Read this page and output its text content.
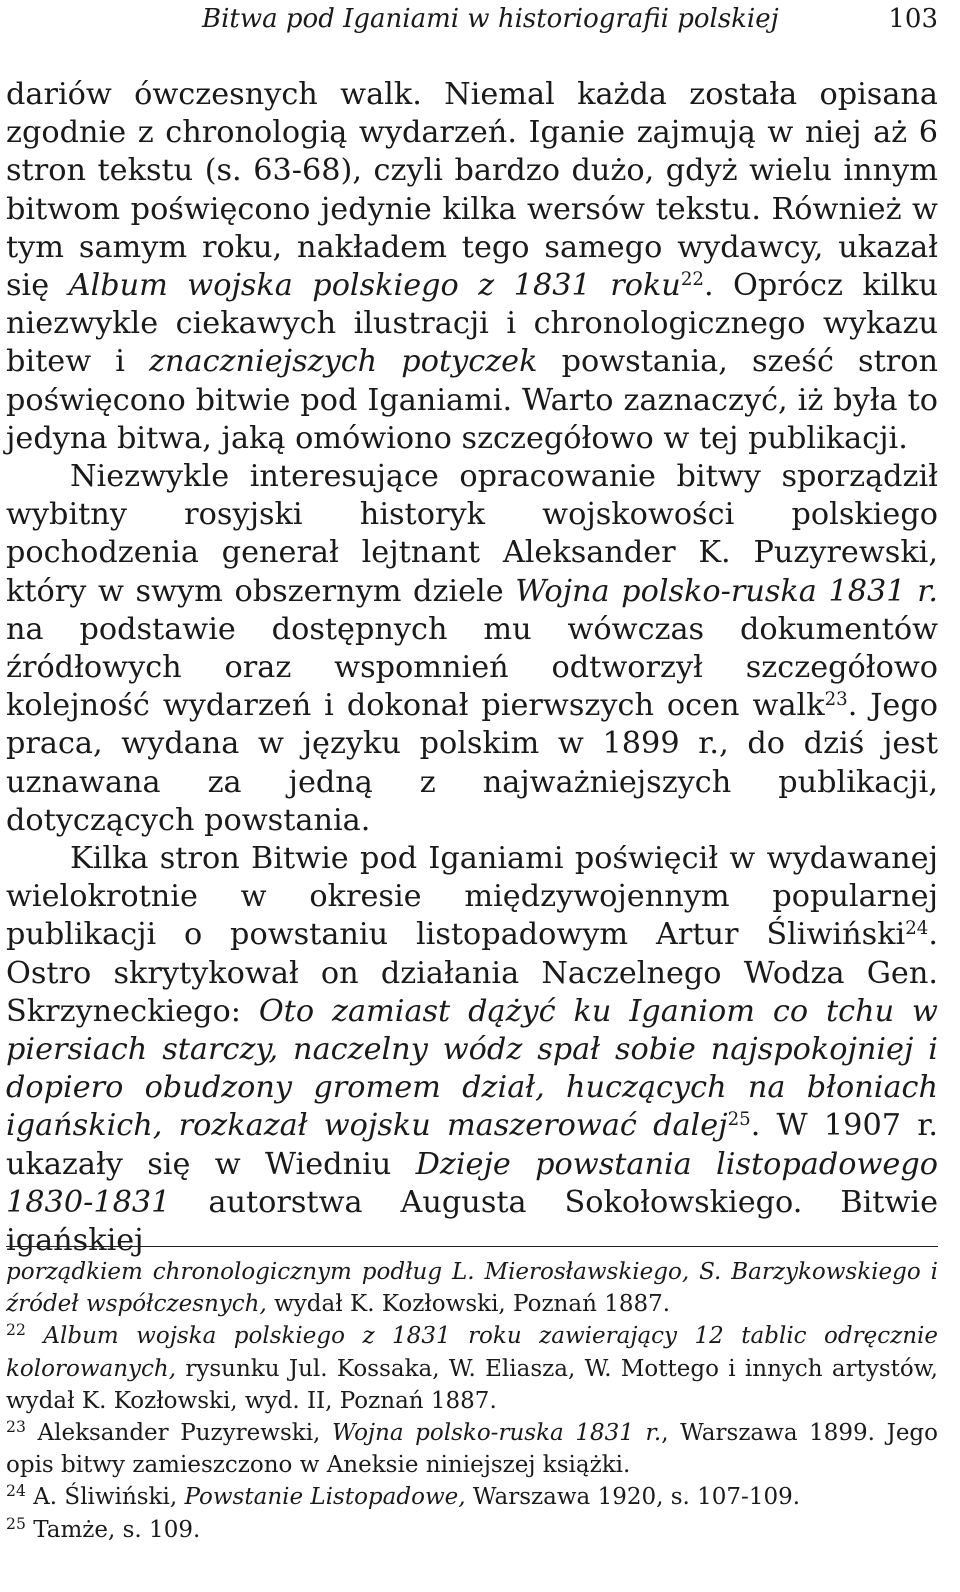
Bitwa pod Iganiami w historiografii polskiej	103

dariów ówczesnych walk. Niemal każda została opisana zgodnie z chronologią wydarzeń. Iganie zajmują w niej aż 6 stron tekstu (s. 63-68), czyli bardzo dużo, gdyż wielu innym bitwom poświęcono jedynie kilka wersów tekstu. Również w tym samym roku, nakładem tego samego wydawcy, ukazał się Album wojska polskiego z 1831 roku$^{22}$. Oprócz kilku niezwykle ciekawych ilustracji i chronologicznego wykazu bitew i znaczniejszych potyczek powstania, sześć stron poświęcono bitwie pod Iganiami. Warto zaznaczyć, iż była to jedyna bitwa, jaką omówiono szczegółowo w tej publikacji.

Niezwykle interesujące opracowanie bitwy sporządził wybitny rosyjski historyk wojskowości polskiego pochodzenia generał lejtnant Aleksander K. Puzyrewski, który w swym obszernym dziele Wojna polsko-ruska 1831 r. na podstawie dostępnych mu wówczas dokumentów źródłowych oraz wspomnień odtworzył szczegółowo kolejność wydarzeń i dokonał pierwszych ocen walk$^{23}$. Jego praca, wydana w języku polskim w 1899 r., do dziś jest uznawana za jedną z najważniejszych publikacji, dotyczących powstania.

Kilka stron Bitwie pod Iganiami poświęcił w wydawanej wielokrotnie w okresie międzywojennym popularnej publikacji o powstaniu listopadowym Artur Śliwiński$^{24}$. Ostro skrytykował on działania Naczelnego Wodza Gen. Skrzyneckiego: Oto zamiast dążyć ku Iganiom co tchu w piersiach starczy, naczelny wódz spał sobie najspokojniej i dopiero obudzony gromem dział, huczących na błoniach igańskich, rozkazał wojsku maszerować dalej$^{25}$. W 1907 r. ukazały się w Wiedniu Dzieje powstania listopadowego 1830-1831 autorstwa Augusta Sokołowskiego. Bitwie igańskiej

porządkiem chronologicznym podług L. Mierosławskiego, S. Barzykowskiego i źródeł współczesnych, wydał K. Kozłowski, Poznań 1887.

$^{22}$ Album wojska polskiego z 1831 roku zawierający 12 tablic odręcznie kolorowanych, rysunku Jul. Kossaka, W. Eliasza, W. Mottego i innych artystów, wydał K. Kozłowski, wyd. II, Poznań 1887.

$^{23}$ Aleksander Puzyrewski, Wojna polsko-ruska 1831 r., Warszawa 1899. Jego opis bitwy zamieszczono w Aneksie niniejszej książki.

$^{24}$ A. Śliwiński, Powstanie Listopadowe, Warszawa 1920, s. 107-109.

$^{25}$ Tamże, s. 109.
